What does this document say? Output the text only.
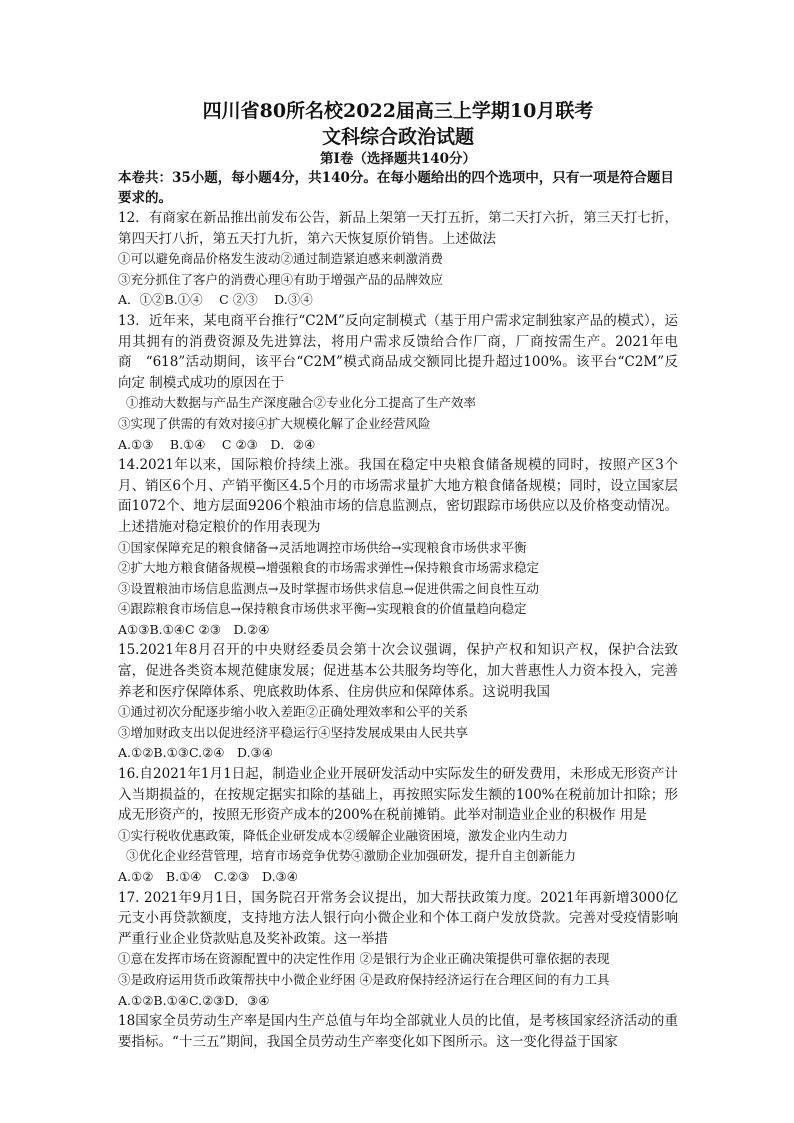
四川省80所名校2022届高三上学期10月联考

文科综合政治试题

第Ⅰ卷（选择题共140分）

本卷共：35小题，每小题4分，共140分。在每小题给出的四个选项中，只有一项是符合题目要求的。

12．有商家在新品推出前发布公告，新品上架第一天打五折，第二天打六折，第三天打七折，第四天打八折，第五天打九折，第六天恢复原价销售。上述做法

①可以避免商品价格发生波动②通过制造紧迫感来刺激消费

③充分抓住了客户的消费心理④有助于增强产品的品牌效应

A．①②B.①④　 C ②③　 D.③④

13．近年来，某电商平台推行“C2M”反向定制模式（基于用户需求定制独家产品的模式），运用其拥有的消费资源及先进算法，将用户需求反馈给合作厂商，厂商按需生产。2021年电商　“618”活动期间，该平台“C2M”模式商品成交额同比提升超过100%。该平台“C2M”反向定 制模式成功的原因在于

①推动大数据与产品生产深度融合②专业化分工提高了生产效率

③实现了供需的有效对接④扩大规模化解了企业经营风险

A.①③　 B.①④　 C ②③　D．②④

14.2021年以来，国际粮价持续上涨。我国在稳定中央粮食储备规模的同时，按照产区3个月、销区6个月、产销平衡区4.5个月的市场需求量扩大地方粮食储备规模；同时，设立国家层面1072个、地方层面9206个粮油市场的信息监测点，密切跟踪市场供应以及价格变动情况。上述措施对稳定粮价的作用表现为

①国家保障充足的粮食储备→灵活地调控市场供给→实现粮食市场供求平衡

②扩大地方粮食储备规模→增强粮食的市场需求弹性→保持粮食市场需求稳定

③设置粮油市场信息监测点→及时掌握市场供求信息→促进供需之间良性互动

④跟踪粮食市场信息→保持粮食市场供求平衡→实现粮食的价值量趋向稳定

A①③B.①④C ②③　D.②④

15.2021年8月召开的中央财经委员会第十次会议强调，保护产权和知识产权，保护合法致富，促进各类资本规范健康发展；促进基本公共服务均等化，加大普惠性人力资本投入，完善养老和医疗保障体系、兜底救助体系、住房供应和保障体系。这说明我国

①通过初次分配逐步缩小收入差距②正确处理效率和公平的关系

③增加财政支出以促进经济平稳运行④坚持发展成果由人民共享

A.①②B.①③C.②④　D.③④

16.自2021年1月1日起，制造业企业开展研发活动中实际发生的研发费用，未形成无形资产计入当期损益的，在按规定据实扣除的基础上，再按照实际发生额的100%在税前加计扣除；形成无形资产的，按照无形资产成本的200%在税前摊销。此举对制造业企业的积极作 用是

①实行税收优惠政策，降低企业研发成本②缓解企业融资困境，激发企业内生动力

③优化企业经营管理，培育市场竞争优势④激励企业加强研发，提升自主创新能力

A.①②　B.①④　C.②③　D.③④

17. 2021年9月1日，国务院召开常务会议提出，加大帮扶政策力度。2021年再新增3000亿元支小再贷款额度，支持地方法人银行向小微企业和个体工商户发放贷款。完善对受疫情影响严重行业企业贷款贴息及奖补政策。这一举措

①意在发挥市场在资源配置中的决定性作用 ②是银行为企业正确决策提供可靠依据的表现

③是政府运用货币政策帮扶中小微企业纾困 ④是政府保持经济运行在合理区间的有力工具

A.①②B.①④C.②③D．③④

18国家全员劳动生产率是国内生产总值与年均全部就业人员的比值，是考核国家经济活动的重要指标。“十三五”期间，我国全员劳动生产率变化如下图所示。这一变化得益于国家
